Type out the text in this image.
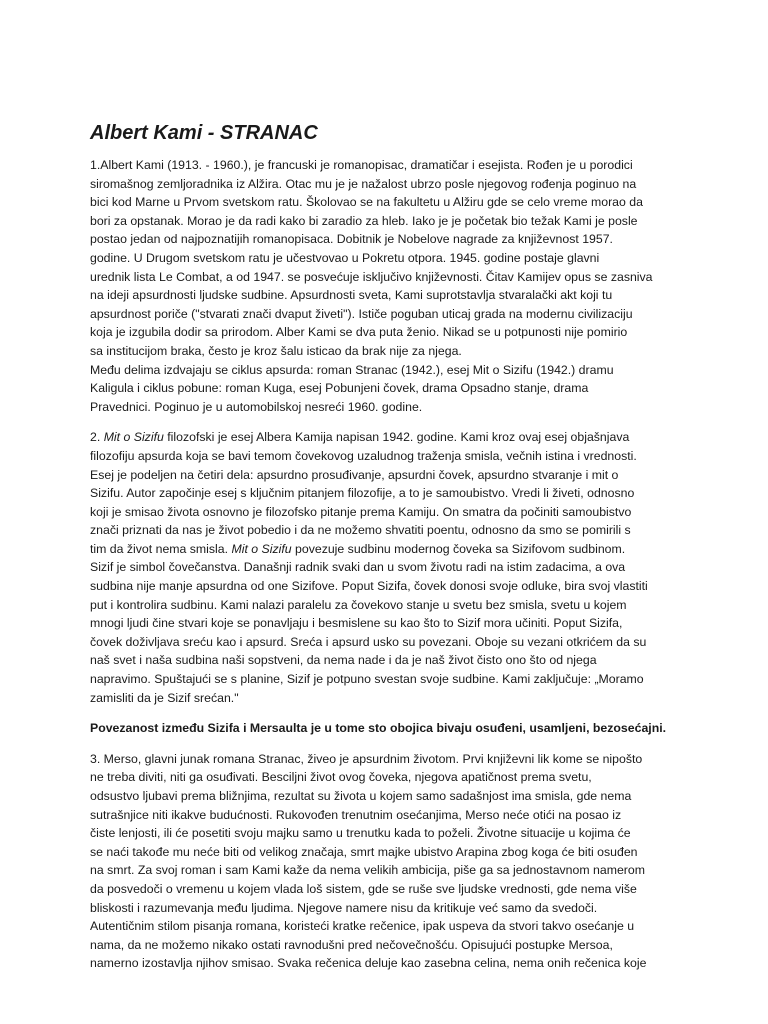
Albert Kami - STRANAC

1.Albert Kami (1913. - 1960.), je francuski je romanopisac, dramatičar i esejista. Rođen je u porodici
siromašnog zemljoradnika iz Alžira. Otac mu je je nažalost ubrzo posle njegovog rođenja poginuo na
bici kod Marne u Prvom svetskom ratu. Školovao se na fakultetu u Alžiru gde se celo vreme morao da
bori za opstanak. Morao je da radi kako bi zaradio za hleb. Iako je je početak bio težak Kami je posle
postao jedan od najpoznatijih romanopisaca. Dobitnik je Nobelove nagrade za književnost 1957.
godine. U Drugom svetskom ratu je učestvovao u Pokretu otpora. 1945. godine postaje glavni
urednik lista Le Combat, a od 1947. se posvećuje isključivo književnosti. Čitav Kamijev opus se zasniva
na ideji apsurdnosti ljudske sudbine. Apsurdnosti sveta, Kami suprotstavlja stvaralački akt koji tu
apsurdnost poriče ("stvarati znači dvaput živeti"). Ističe poguban uticaj grada na modernu civilizaciju
koja je izgubila dodir sa prirodom. Alber Kami se dva puta ženio. Nikad se u potpunosti nije pomirio
sa institucijom braka, često je kroz šalu isticao da brak nije za njega.
Među delima izdvajaju se ciklus apsurda: roman Stranac (1942.), esej Mit o Sizifu (1942.) dramu
Kaligula i ciklus pobune: roman Kuga, esej Pobunjeni čovek, drama Opsadno stanje, drama
Pravednici. Poginuo je u automobilskoj nesreći 1960. godine.

2. Mit o Sizifu filozofski je esej Albera Kamija napisan 1942. godine. Kami kroz ovaj esej objašnjava
filozofiju apsurda koja se bavi temom čovekovog uzaludnog traženja smisla, večnih istina i vrednosti.
Esej je podeljen na četiri dela: apsurdno prosuđivanje, apsurdni čovek, apsurdno stvaranje i mit o
Sizifu. Autor započinje esej s ključnim pitanjem filozofije, a to je samoubistvo. Vredi li živeti, odnosno
koji je smisao života osnovno je filozofsko pitanje prema Kamiju. On smatra da počiniti samoubistvo
znači priznati da nas je život pobedio i da ne možemo shvatiti poentu, odnosno da smo se pomirili s
tim da život nema smisla. Mit o Sizifu povezuje sudbinu modernog čoveka sa Sizifovom sudbinom.
Sizif je simbol čovečanstva. Današnji radnik svaki dan u svom životu radi na istim zadacima, a ova
sudbina nije manje apsurdna od one Sizifove. Poput Sizifa, čovek donosi svoje odluke, bira svoj vlastiti
put i kontrolira sudbinu. Kami nalazi paralelu za čovekovo stanje u svetu bez smisla, svetu u kojem
mnogi ljudi čine stvari koje se ponavljaju i besmislene su kao što to Sizif mora učiniti. Poput Sizifa,
čovek doživljava sreću kao i apsurd. Sreća i apsurd usko su povezani. Oboje su vezani otkrićem da su
naš svet i naša sudbina naši sopstveni, da nema nade i da je naš život čisto ono što od njega
napravimo. Spuštajući se s planine, Sizif je potpuno svestan svoje sudbine. Kami zaključuje: „Moramo
zamisliti da je Sizif srećan."

Povezanost između Sizifa i Mersaulta je u tome sto obojica bivaju osuđeni, usamljeni, bezosećajni.

3. Merso, glavni junak romana Stranac, živeo je apsurdnim životom. Prvi književni lik kome se nipošto
ne treba diviti, niti ga osuđivati. Besciljni život ovog čoveka, njegova apatičnost prema svetu,
odsustvo ljubavi prema bližnjima, rezultat su života u kojem samo sadašnjost ima smisla, gde nema
sutrašnjice niti ikakve budućnosti. Rukovođen trenutnim osećanjima, Merso neće otići na posao iz
čiste lenjosti, ili će posetiti svoju majku samo u trenutku kada to poželi. Životne situacije u kojima će
se naći takođe mu neće biti od velikog značaja, smrt majke ubistvo Arapina zbog koga će biti osuđen
na smrt. Za svoj roman i sam Kami kaže da nema velikih ambicija, piše ga sa jednostavnom namerom
da posvedoči o vremenu u kojem vlada loš sistem, gde se ruše sve ljudske vrednosti, gde nema više
bliskosti i razumevanja među ljudima. Njegove namere nisu da kritikuje već samo da svedoči.
Autentičnim stilom pisanja romana, koristeći kratke rečenice, ipak uspeva da stvori takvo osećanje u
nama, da ne možemo nikako ostati ravnodušni pred nečovečnošću. Opisujući postupke Mersoa,
namerno izostavlja njihov smisao. Svaka rečenica deluje kao zasebna celina, nema onih rečenica koje
